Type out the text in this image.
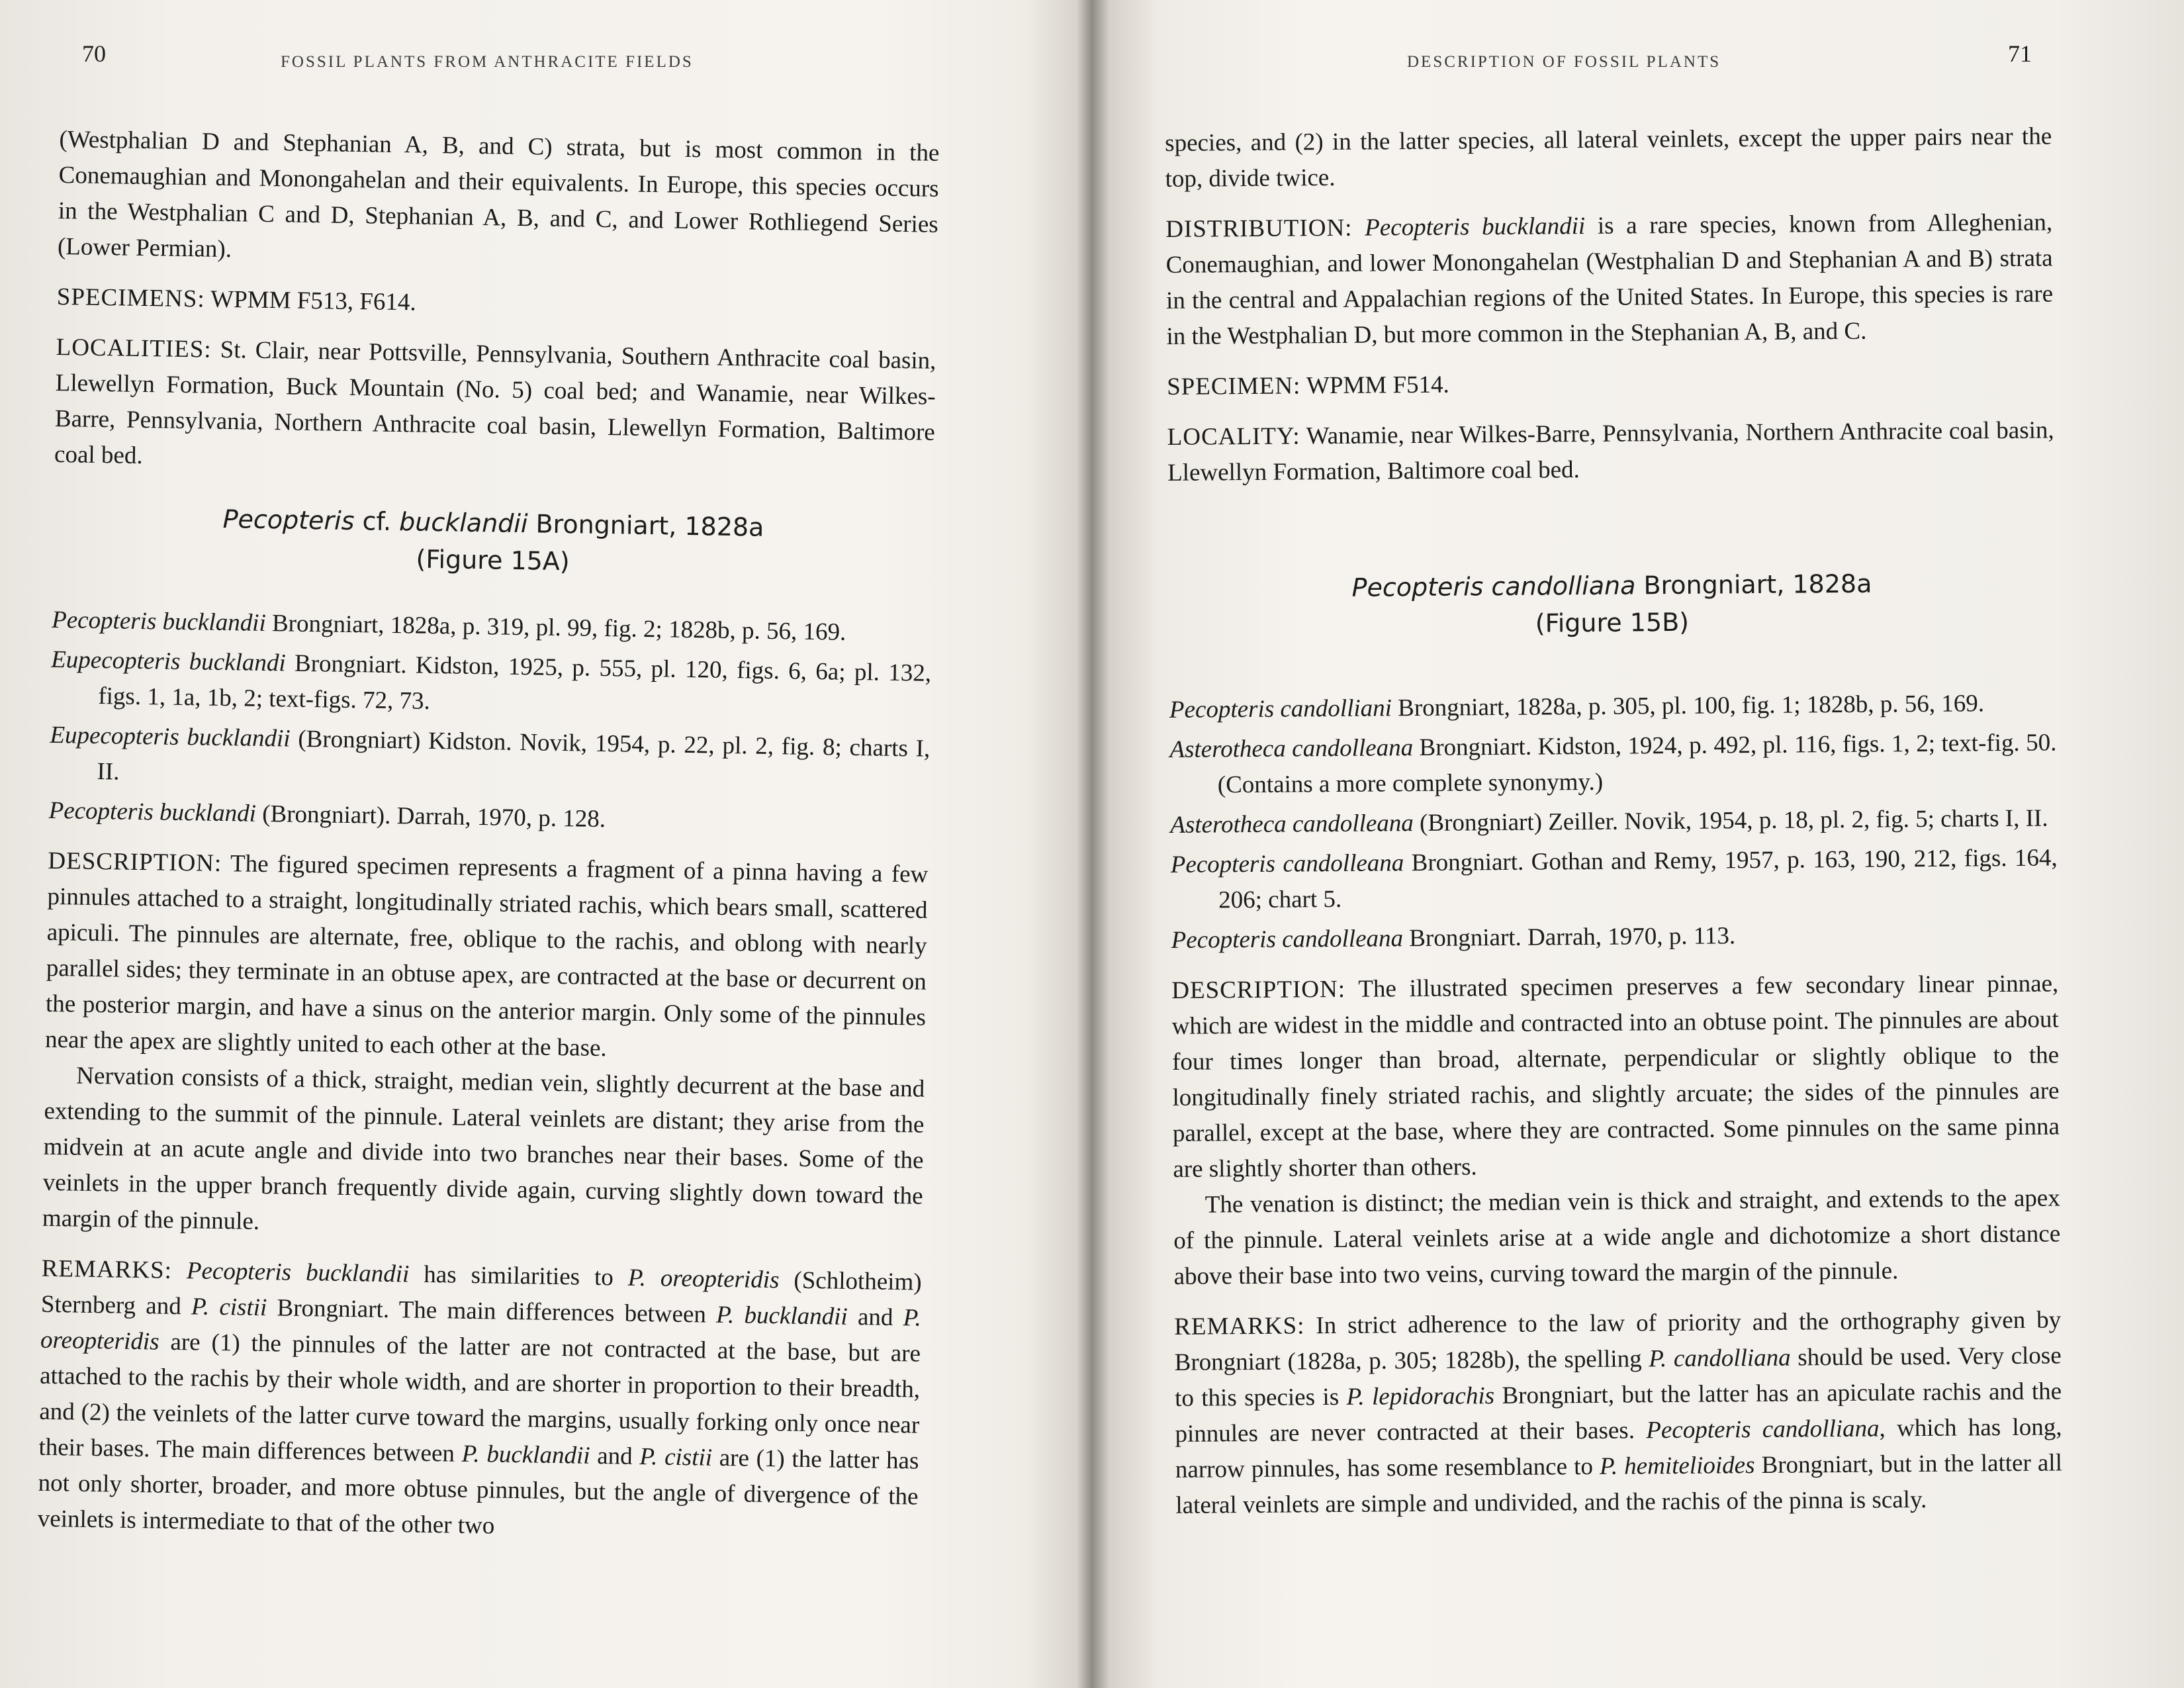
70	FOSSIL PLANTS FROM ANTHRACITE FIELDS

(Westphalian D and Stephanian A, B, and C) strata, but is most common in the Conemaughian and Monongahelan and their equivalents. In Europe, this species occurs in the Westphalian C and D, Stephanian A, B, and C, and Lower Rothliegend Series (Lower Permian).

SPECIMENS: WPMM F513, F614.

LOCALITIES: St. Clair, near Pottsville, Pennsylvania, Southern Anthracite coal basin, Llewellyn Formation, Buck Mountain (No. 5) coal bed; and Wanamie, near Wilkes-Barre, Pennsylvania, Northern Anthracite coal basin, Llewellyn Formation, Baltimore coal bed.

Pecopteris cf. bucklandii Brongniart, 1828a
(Figure 15A)

Pecopteris bucklandii Brongniart, 1828a, p. 319, pl. 99, fig. 2; 1828b, p. 56, 169.

Eupecopteris bucklandi Brongniart. Kidston, 1925, p. 555, pl. 120, figs. 6, 6a; pl. 132, figs. 1, 1a, 1b, 2; text-figs. 72, 73.

Eupecopteris bucklandii (Brongniart) Kidston. Novik, 1954, p. 22, pl. 2, fig. 8; charts I, II.

Pecopteris bucklandi (Brongniart). Darrah, 1970, p. 128.

DESCRIPTION: The figured specimen represents a fragment of a pinna having a few pinnules attached to a straight, longitudinally striated rachis, which bears small, scattered apiculi. The pinnules are alternate, free, oblique to the rachis, and oblong with nearly parallel sides; they terminate in an obtuse apex, are contracted at the base or decurrent on the posterior margin, and have a sinus on the anterior margin. Only some of the pinnules near the apex are slightly united to each other at the base.

Nervation consists of a thick, straight, median vein, slightly decurrent at the base and extending to the summit of the pinnule. Lateral veinlets are distant; they arise from the midvein at an acute angle and divide into two branches near their bases. Some of the veinlets in the upper branch frequently divide again, curving slightly down toward the margin of the pinnule.

REMARKS: Pecopteris bucklandii has similarities to P. oreopteridis (Schlotheim) Sternberg and P. cistii Brongniart. The main differences between P. bucklandii and P. oreopteridis are (1) the pinnules of the latter are not contracted at the base, but are attached to the rachis by their whole width, and are shorter in proportion to their breadth, and (2) the veinlets of the latter curve toward the margins, usually forking only once near their bases. The main differences between P. bucklandii and P. cistii are (1) the latter has not only shorter, broader, and more obtuse pinnules, but the angle of divergence of the veinlets is intermediate to that of the other two

DESCRIPTION OF FOSSIL PLANTS	71

species, and (2) in the latter species, all lateral veinlets, except the upper pairs near the top, divide twice.

DISTRIBUTION: Pecopteris bucklandii is a rare species, known from Alleghenian, Conemaughian, and lower Monongahelan (Westphalian D and Stephanian A and B) strata in the central and Appalachian regions of the United States. In Europe, this species is rare in the Westphalian D, but more common in the Stephanian A, B, and C.

SPECIMEN: WPMM F514.

LOCALITY: Wanamie, near Wilkes-Barre, Pennsylvania, Northern Anthracite coal basin, Llewellyn Formation, Baltimore coal bed.

Pecopteris candolliana Brongniart, 1828a
(Figure 15B)

Pecopteris candolliani Brongniart, 1828a, p. 305, pl. 100, fig. 1; 1828b, p. 56, 169.

Asterotheca candolleana Brongniart. Kidston, 1924, p. 492, pl. 116, figs. 1, 2; text-fig. 50. (Contains a more complete synonymy.)

Asterotheca candolleana (Brongniart) Zeiller. Novik, 1954, p. 18, pl. 2, fig. 5; charts I, II.

Pecopteris candolleana Brongniart. Gothan and Remy, 1957, p. 163, 190, 212, figs. 164, 206; chart 5.

Pecopteris candolleana Brongniart. Darrah, 1970, p. 113.

DESCRIPTION: The illustrated specimen preserves a few secondary linear pinnae, which are widest in the middle and contracted into an obtuse point. The pinnules are about four times longer than broad, alternate, perpendicular or slightly oblique to the longitudinally finely striated rachis, and slightly arcuate; the sides of the pinnules are parallel, except at the base, where they are contracted. Some pinnules on the same pinna are slightly shorter than others.

The venation is distinct; the median vein is thick and straight, and extends to the apex of the pinnule. Lateral veinlets arise at a wide angle and dichotomize a short distance above their base into two veins, curving toward the margin of the pinnule.

REMARKS: In strict adherence to the law of priority and the orthography given by Brongniart (1828a, p. 305; 1828b), the spelling P. candolliana should be used. Very close to this species is P. lepidorachis Brongniart, but the latter has an apiculate rachis and the pinnules are never contracted at their bases. Pecopteris candolliana, which has long, narrow pinnules, has some resemblance to P. hemitelioides Brongniart, but in the latter all lateral veinlets are simple and undivided, and the rachis of the pinna is scaly.
